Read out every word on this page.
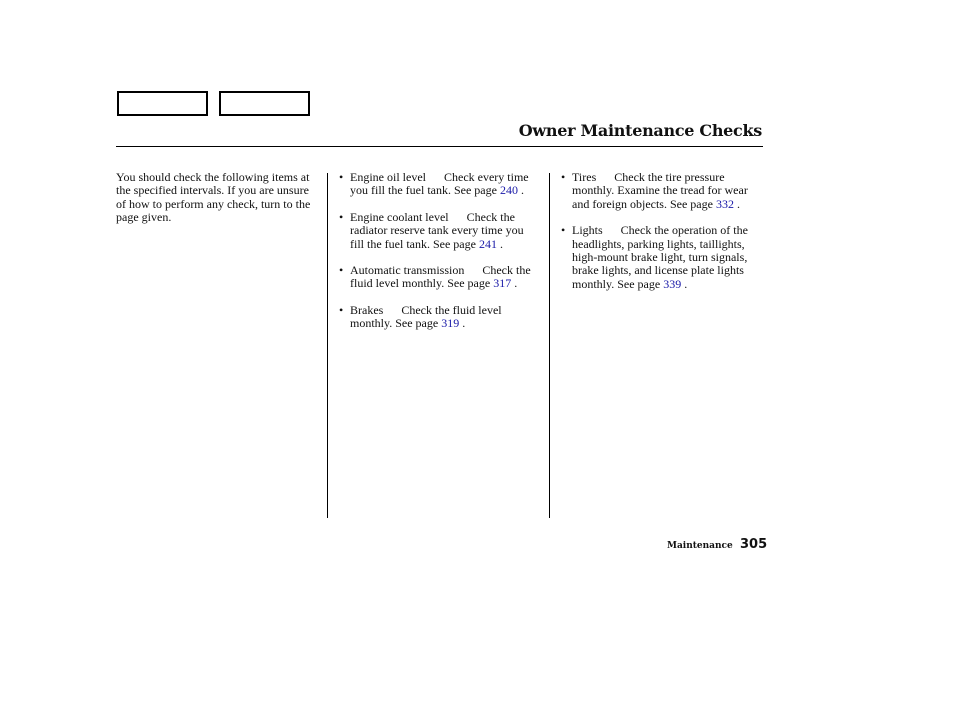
Owner Maintenance Checks
You should check the following items at the specified intervals. If you are unsure of how to perform any check, turn to the page given.
• Engine oil level Check every time you fill the fuel tank. See page 240 .
• Engine coolant level Check the radiator reserve tank every time you fill the fuel tank. See page 241 .
• Automatic transmission Check the fluid level monthly. See page 317 .
• Brakes Check the fluid level monthly. See page 319 .
• Tires Check the tire pressure monthly. Examine the tread for wear and foreign objects. See page 332 .
• Lights Check the operation of the headlights, parking lights, taillights, high-mount brake light, turn signals, brake lights, and license plate lights monthly. See page 339 .
Maintenance 305
